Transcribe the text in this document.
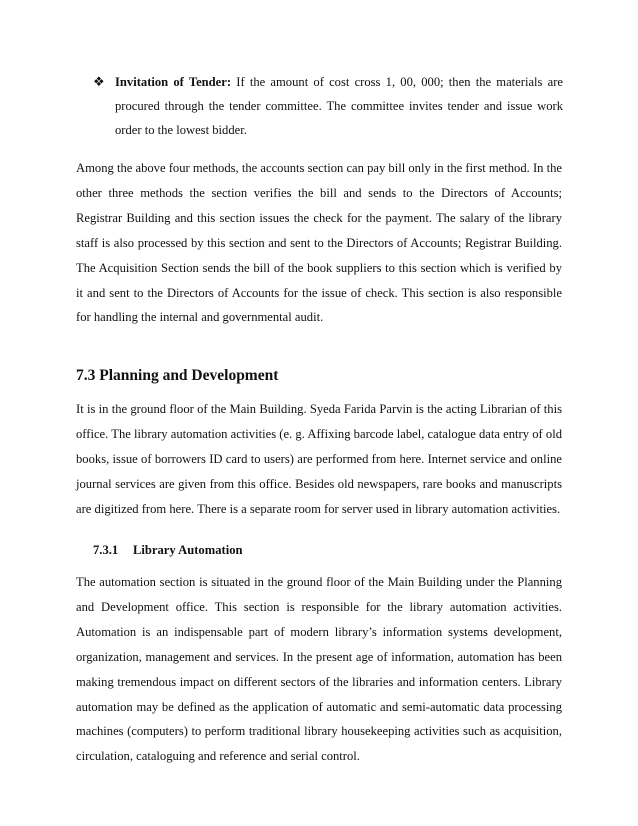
❖ Invitation of Tender: If the amount of cost cross 1, 00, 000; then the materials are procured through the tender committee. The committee invites tender and issue work order to the lowest bidder.

Among the above four methods, the accounts section can pay bill only in the first method. In the other three methods the section verifies the bill and sends to the Directors of Accounts; Registrar Building and this section issues the check for the payment. The salary of the library staff is also processed by this section and sent to the Directors of Accounts; Registrar Building. The Acquisition Section sends the bill of the book suppliers to this section which is verified by it and sent to the Directors of Accounts for the issue of check. This section is also responsible for handling the internal and governmental audit.

7.3 Planning and Development

It is in the ground floor of the Main Building. Syeda Farida Parvin is the acting Librarian of this office. The library automation activities (e. g. Affixing barcode label, catalogue data entry of old books, issue of borrowers ID card to users) are performed from here. Internet service and online journal services are given from this office. Besides old newspapers, rare books and manuscripts are digitized from here. There is a separate room for server used in library automation activities.

7.3.1 Library Automation

The automation section is situated in the ground floor of the Main Building under the Planning and Development office. This section is responsible for the library automation activities. Automation is an indispensable part of modern library’s information systems development, organization, management and services. In the present age of information, automation has been making tremendous impact on different sectors of the libraries and information centers. Library automation may be defined as the application of automatic and semi-automatic data processing machines (computers) to perform traditional library housekeeping activities such as acquisition, circulation, cataloguing and reference and serial control.
